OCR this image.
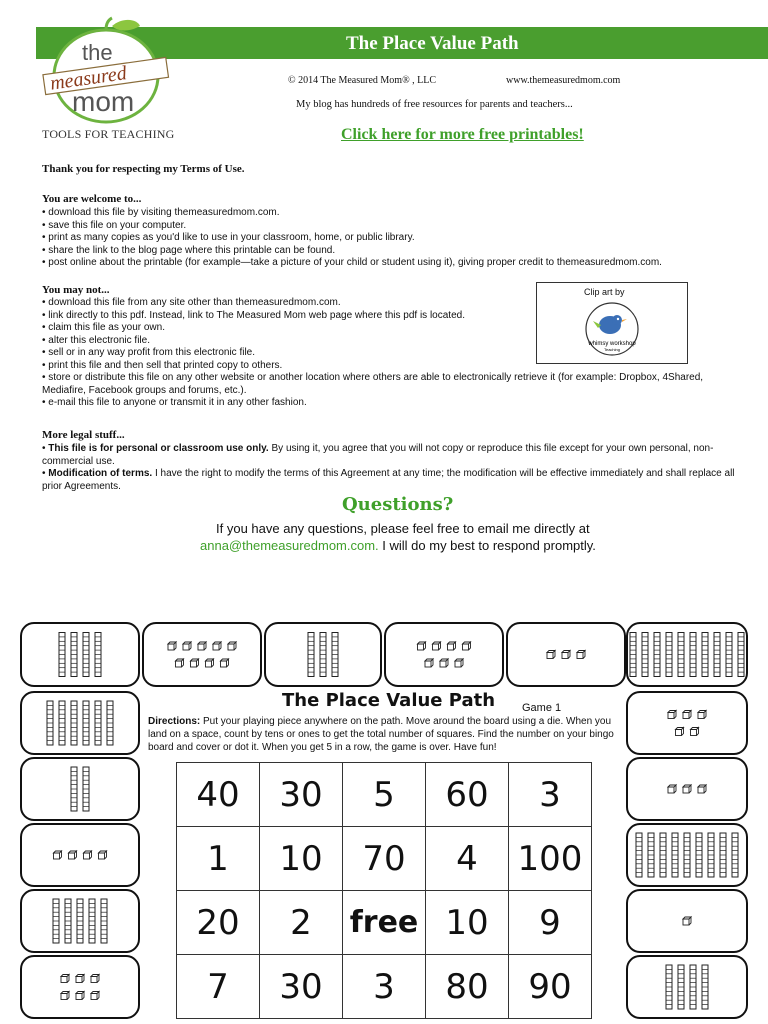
The Place Value Path
the
measured
mom
TOOLS FOR TEACHING
© 2014 The Measured Mom® , LLC	www.themeasuredmom.com
My blog has hundreds of free resources for parents and teachers...
Click here for more free printables!
Thank you for respecting my Terms of Use.
You are welcome to...
• download this file by visiting themeasuredmom.com.
• save this file on your computer.
• print as many copies as you'd like to use in your classroom, home, or public library.
• share the link to the blog page where this printable can be found.
• post online about the printable (for example—take a picture of your child or student using it), giving proper credit to themeasuredmom.com.
You may not...
• download this file from any site other than themeasuredmom.com.
• link directly to this pdf. Instead, link to The Measured Mom web page where this pdf is located.
• claim this file as your own.
• alter this electronic file.
• sell or in any way profit from this electronic file.
• print this file and then sell that printed copy to others.
• store or distribute this file on any other website or another location where others are able to electronically retrieve it (for example: Dropbox, 4Shared, Mediafire, Facebook groups and forums, etc.).
• e-mail this file to anyone or transmit it in any other fashion.
More legal stuff...
• This file is for personal or classroom use only. By using it, you agree that you will not copy or reproduce this file except for your own personal, non-commercial use.
• Modification of terms. I have the right to modify the terms of this Agreement at any time; the modification will be effective immediately and shall replace all prior Agreements.
Clip art by
whimsy workshop
Teaching
Questions?
If you have any questions, please feel free to email me directly at
anna@themeasuredmom.com. I will do my best to respond promptly.
The Place Value Path Game 1
Directions: Put your playing piece anywhere on the path. Move around the board using a die. When you land on a space, count by tens or ones to get the total number of squares. Find the number on your bingo board and cover or dot it. When you get 5 in a row, the game is over. Have fun!
40	30	5	60	3
1	10	70	4	100
20	2	free	10	9
7	30	3	80	90
